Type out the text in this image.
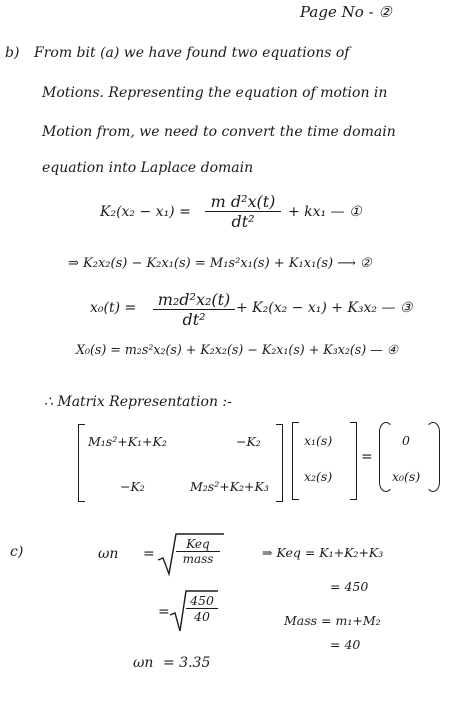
Page No - ②
b) From bit (a) we have found two equations of
Motions. Representing the equation of motion in
Motion from, we need to convert the time domain
equation into Laplace domain
$K_2(x_2 - x_1) = \frac{\text{m d²x(t)}}{\text{dt²}} + kx_1$ — ①
⇒ K₂x₂(s) − K₂x₁(s) = M₁s²x₁(s) + K₁x₁(s) ⟶ ②
$x_0(t) = \frac{\text{m₂d²x₂(t)}}{\text{dt²}} + K_2(x_2 - x_1) + K_3x_2$ — ③
X₀(s) = m₂s²x₂(s) + K₂x₂(s) − K₂x₁(s) + K₃x₂(s) — ④
∴ Matrix Representation :-
M₁s²+K₁+K₂	−K₂
−K₂	M₂s²+K₂+K₃
x₁(s)
x₂(s)
=
0
x₀(s)
c)	ωn =
Keq
mass
= $\frac{450}{40}$
⇒ Keq = K₁+K₂+K₃
= 450
Mass = m₁+M₂
= 40
ωn = 3.35
